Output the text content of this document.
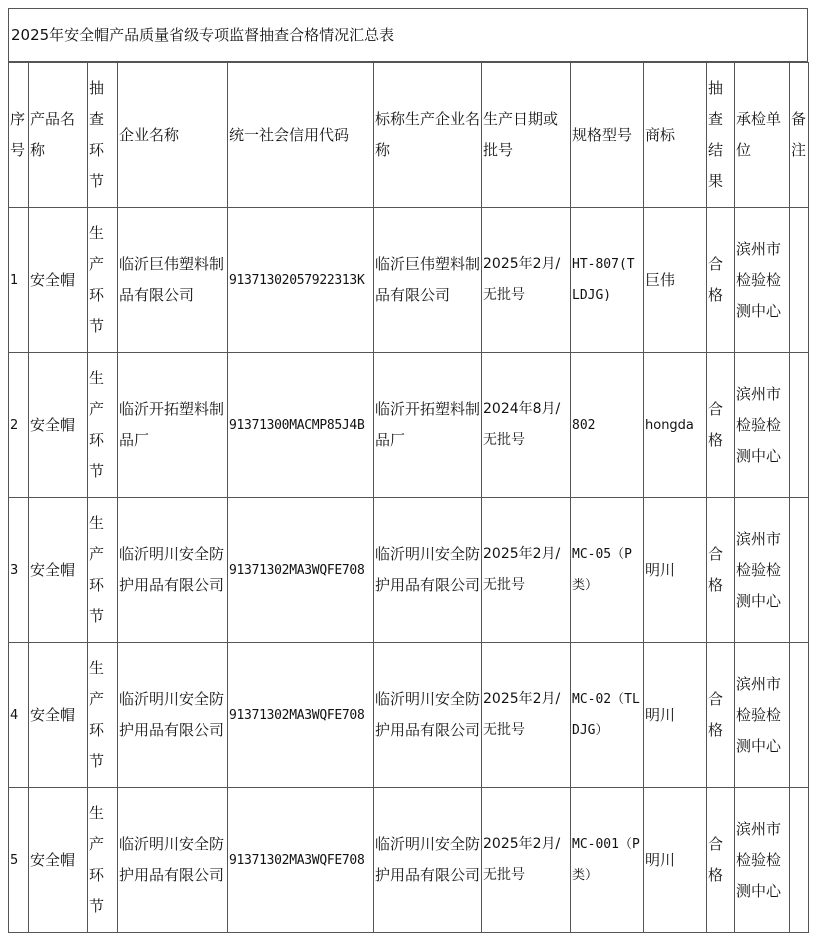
2025年安全帽产品质量省级专项监督抽查合格情况汇总表
序号	产品名称	抽查环节	企业名称	统一社会信用代码	标称生产企业名称	生产日期或批号	规格型号	商标	抽查结果	承检单位	备注
1	安全帽	生产环节	临沂巨伟塑料制品有限公司	91371302057922313K	临沂巨伟塑料制品有限公司	2025年2月/无批号	HT-807(TLDJG)	巨伟	合格	滨州市检验检测中心	
2	安全帽	生产环节	临沂开拓塑料制品厂	91371300MACMP85J4B	临沂开拓塑料制品厂	2024年8月/无批号	802	hongda	合格	滨州市检验检测中心	
3	安全帽	生产环节	临沂明川安全防护用品有限公司	91371302MA3WQFE708	临沂明川安全防护用品有限公司	2025年2月/无批号	MC-05（P类）	明川	合格	滨州市检验检测中心	
4	安全帽	生产环节	临沂明川安全防护用品有限公司	91371302MA3WQFE708	临沂明川安全防护用品有限公司	2025年2月/无批号	MC-02（TLDJG）	明川	合格	滨州市检验检测中心	
5	安全帽	生产环节	临沂明川安全防护用品有限公司	91371302MA3WQFE708	临沂明川安全防护用品有限公司	2025年2月/无批号	MC-001（P类）	明川	合格	滨州市检验检测中心	
